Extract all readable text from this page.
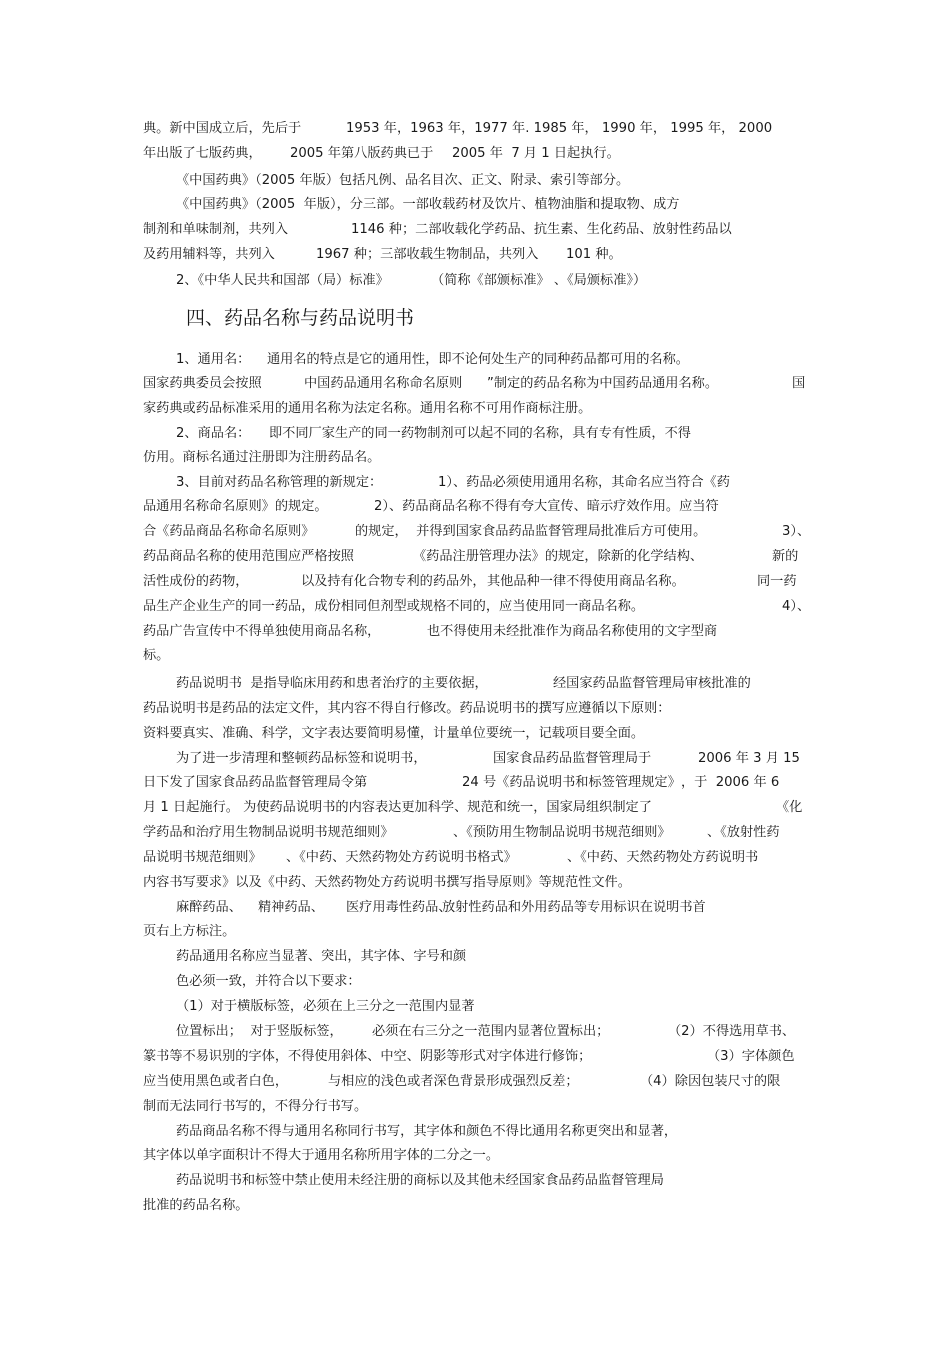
四、药品名称与药品说明书
典。新中国成立后，先后于	1953 年，1963 年，1977 年. 1985 年， 1990 年， 1995 年， 2000
年出版了七版药典， 2005 年第八版药典已于 2005 年  7 月 1 日起执行。
《中国药典》（2005 年版）包括凡例、品名目次、正文、附录、索引等部分。
《中国药典》（2005  年版），分三部。一部收载药材及饮片、植物油脂和提取物、成方
制剂和单味制剂，共列入	1146 种；二部收载化学药品、抗生素、生化药品、放射性药品以
及药用辅料等，共列入	1967 种；三部收载生物制品，共列入 101 种。
2、《中华人民共和国部（局）标准》	（简称《部颁标准》 、《局颁标准》）
1、通用名： 通用名的特点是它的通用性，即不论何处生产的同种药品都可用的名称。
国家药典委员会按照	中国药品通用名称命名原则 ”制定的药品名称为中国药品通用名称。	国
家药典或药品标准采用的通用名称为法定名称。通用名称不可用作商标注册。
2、商品名： 即不同厂家生产的同一药物制剂可以起不同的名称，具有专有性质，不得
仿用。商标名通过注册即为注册药品名。
3、目前对药品名称管理的新规定：	1）、药品必须使用通用名称，其命名应当符合《药
品通用名称命名原则》的规定。	2）、药品商品名称不得有夸大宣传、暗示疗效作用。应当符
合《药品商品名称命名原则》	的规定，  并得到国家食品药品监督管理局批准后方可使用。	3）、
药品商品名称的使用范围应严格按照	《药品注册管理办法》的规定，除新的化学结构、	新的
活性成份的药物，	以及持有化合物专利的药品外， 其他品种一律不得使用商品名称。	同一药
品生产企业生产的同一药品，成份相同但剂型或规格不同的，应当使用同一商品名称。	4）、
药品广告宣传中不得单独使用商品名称，	也不得使用未经批准作为商品名称使用的文字型商
标。
药品说明书  是指导临床用药和患者治疗的主要依据，	经国家药品监督管理局审核批准的
药品说明书是药品的法定文件，其内容不得自行修改。药品说明书的撰写应遵循以下原则：
资料要真实、准确、科学，文字表达要简明易懂，计量单位要统一，记载项目要全面。
为了进一步清理和整顿药品标签和说明书，	国家食品药品监督管理局于	2006 年 3 月 15
日下发了国家食品药品监督管理局令第	24 号《药品说明书和标签管理规定》 ，于  2006 年 6
月 1 日起施行。 为使药品说明书的内容表达更加科学、规范和统一，国家局组织制定了	《化
学药品和治疗用生物制品说明书规范细则》	、《预防用生物制品说明书规范细则》	、《放射性药
品说明书规范细则》 、《中药、天然药物处方药说明书格式》	、《中药、天然药物处方药说明书
内容书写要求》以及《中药、天然药物处方药说明书撰写指导原则》等规范性文件。
麻醉药品、 精神药品、 医疗用毒性药品、
放射性药品和外用药品等专用标识在说明书首
页右上方标注。
药品通用名称应当显著、突出，其字体、字号和颜
色必须一致，并符合以下要求：
（1）对于横版标签，必须在上三分之一范围内显著
位置标出；  对于竖版标签， 必须在右三分之一范围内显著位置标出；	（2）不得选用草书、
篆书等不易识别的字体，不得使用斜体、中空、阴影等形式对字体进行修饰；	（3）字体颜色
应当使用黑色或者白色，	与相应的浅色或者深色背景形成强烈反差；	（4）除因包装尺寸的限
制而无法同行书写的，不得分行书写。
药品商品名称不得与通用名称同行书写，其字体和颜色不得比通用名称更突出和显著，
其字体以单字面积计不得大于通用名称所用字体的二分之一。
药品说明书和标签中禁止使用未经注册的商标以及其他未经国家食品药品监督管理局
批准的药品名称。
